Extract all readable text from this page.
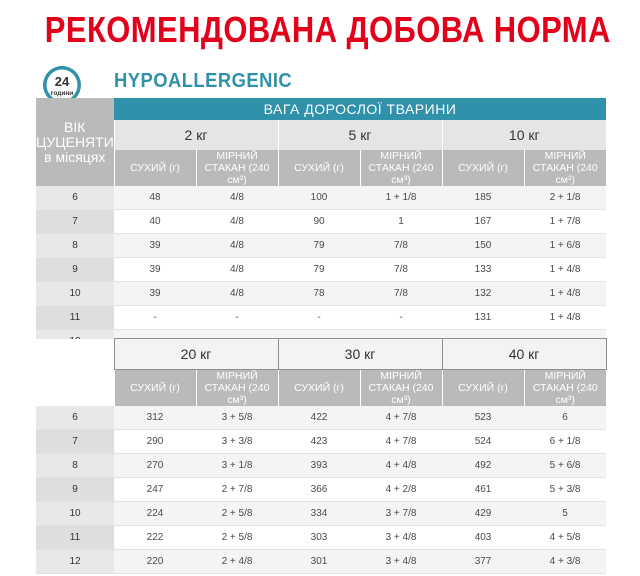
РЕКОМЕНДОВАНА ДОБОВА НОРМА
24
години
HYPOALLERGENIC
ВІК ЦУЦЕНЯТИ в місяцях	ВАГА ДОРОСЛОЇ ТВАРИНИ					
	2 кг		5 кг		10 кг	
	СУХИЙ (г)	МІРНИЙ СТАКАН (240 см³)	СУХИЙ (г)	МІРНИЙ СТАКАН (240 см³)	СУХИЙ (г)	МІРНИЙ СТАКАН (240 см³)
6	48	4/8	100	1 + 1/8	185	2 + 1/8
7	40	4/8	90	1	167	1 + 7/8
8	39	4/8	79	7/8	150	1 + 6/8
9	39	4/8	79	7/8	133	1 + 4/8
10	39	4/8	78	7/8	132	1 + 4/8
11	-	-	-	-	131	1 + 4/8

	20 кг		30 кг		40 кг	
	СУХИЙ (г)	МІРНИЙ СТАКАН (240 см³)	СУХИЙ (г)	МІРНИЙ СТАКАН (240 см³)	СУХИЙ (г)	МІРНИЙ СТАКАН (240 см³)
6	312	3 + 5/8	422	4 + 7/8	523	6
7	290	3 + 3/8	423	4 + 7/8	524	6 + 1/8
8	270	3 + 1/8	393	4 + 4/8	492	5 + 6/8
9	247	2 + 7/8	366	4 + 2/8	461	5 + 3/8
10	224	2 + 5/8	334	3 + 7/8	429	5
11	222	2 + 5/8	303	3 + 4/8	403	4 + 5/8
12	220	2 + 4/8	301	3 + 4/8	377	4 + 3/8
